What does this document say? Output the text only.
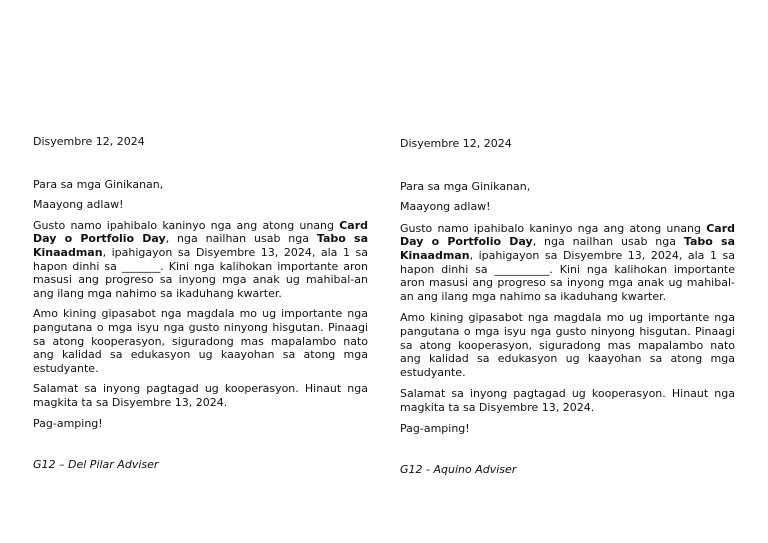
Disyembre 12, 2024

Para sa mga Ginikanan,

Maayong adlaw!

Gusto namo ipahibalo kaninyo nga ang atong unang Card Day o Portfolio Day, nga nailhan usab nga Tabo sa Kinaadman, ipahigayon sa Disyembre 13, 2024, ala 1 sa hapon dinhi sa _______. Kini nga kalihokan importante aron masusi ang progreso sa inyong mga anak ug mahibal-an ang ilang mga nahimo sa ikaduhang kwarter.

Amo kining gipasabot nga magdala mo ug importante nga pangutana o mga isyu nga gusto ninyong hisgutan. Pinaagi sa atong kooperasyon, siguradong mas mapalambo nato ang kalidad sa edukasyon ug kaayohan sa atong mga estudyante.

Salamat sa inyong pagtagad ug kooperasyon. Hinaut nga magkita ta sa Disyembre 13, 2024.

Pag-amping!

G12 – Del Pilar Adviser

Disyembre 12, 2024

Para sa mga Ginikanan,

Maayong adlaw!

Gusto namo ipahibalo kaninyo nga ang atong unang Card Day o Portfolio Day, nga nailhan usab nga Tabo sa Kinaadman, ipahigayon sa Disyembre 13, 2024, ala 1 sa hapon dinhi sa __________. Kini nga kalihokan importante aron masusi ang progreso sa inyong mga anak ug mahibal-an ang ilang mga nahimo sa ikaduhang kwarter.

Amo kining gipasabot nga magdala mo ug importante nga pangutana o mga isyu nga gusto ninyong hisgutan. Pinaagi sa atong kooperasyon, siguradong mas mapalambo nato ang kalidad sa edukasyon ug kaayohan sa atong mga estudyante.

Salamat sa inyong pagtagad ug kooperasyon. Hinaut nga magkita ta sa Disyembre 13, 2024.

Pag-amping!

G12 - Aquino Adviser
